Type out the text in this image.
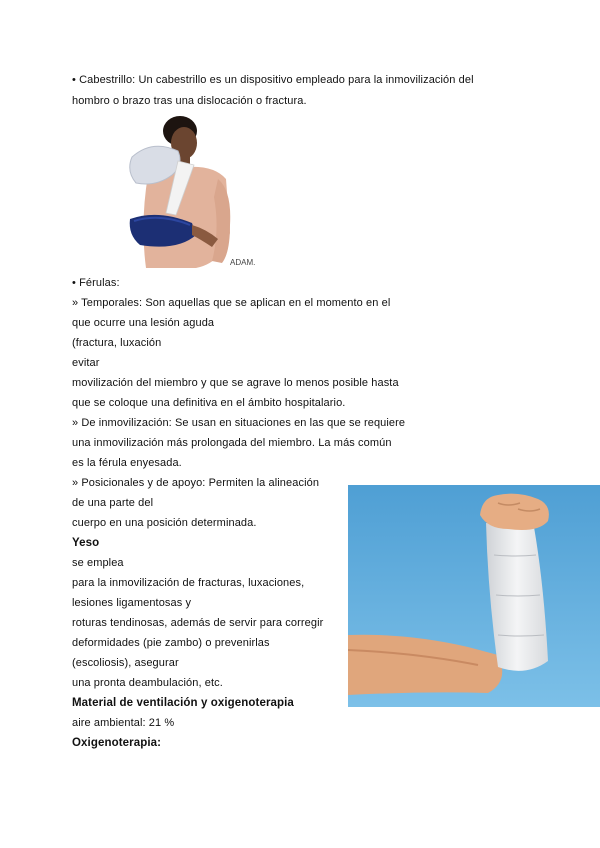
• Cabestrillo: Un cabestrillo es un dispositivo empleado para la inmovilización del
hombro o brazo tras una dislocación o fractura.
ADAM.
• Férulas:
» Temporales: Son aquellas que se aplican en el momento en el
que ocurre una lesión aguda
(fractura, luxación
evitar
movilización del miembro y que se agrave lo menos posible hasta
que se coloque una definitiva en el ámbito hospitalario.
» De inmovilización: Se usan en situaciones en las que se requiere
una inmovilización más prolongada del miembro. La más común
es la férula enyesada.
» Posicionales y de apoyo: Permiten la alineación
de una parte del
cuerpo en una posición determinada.
Yeso
se emplea
para la inmovilización de fracturas, luxaciones,
lesiones ligamentosas y
roturas tendinosas, además de servir para corregir
deformidades (pie zambo) o prevenirlas
(escoliosis), asegurar
una pronta deambulación, etc.
Material de ventilación y oxigenoterapia
aire ambiental: 21 %
Oxigenoterapia:
